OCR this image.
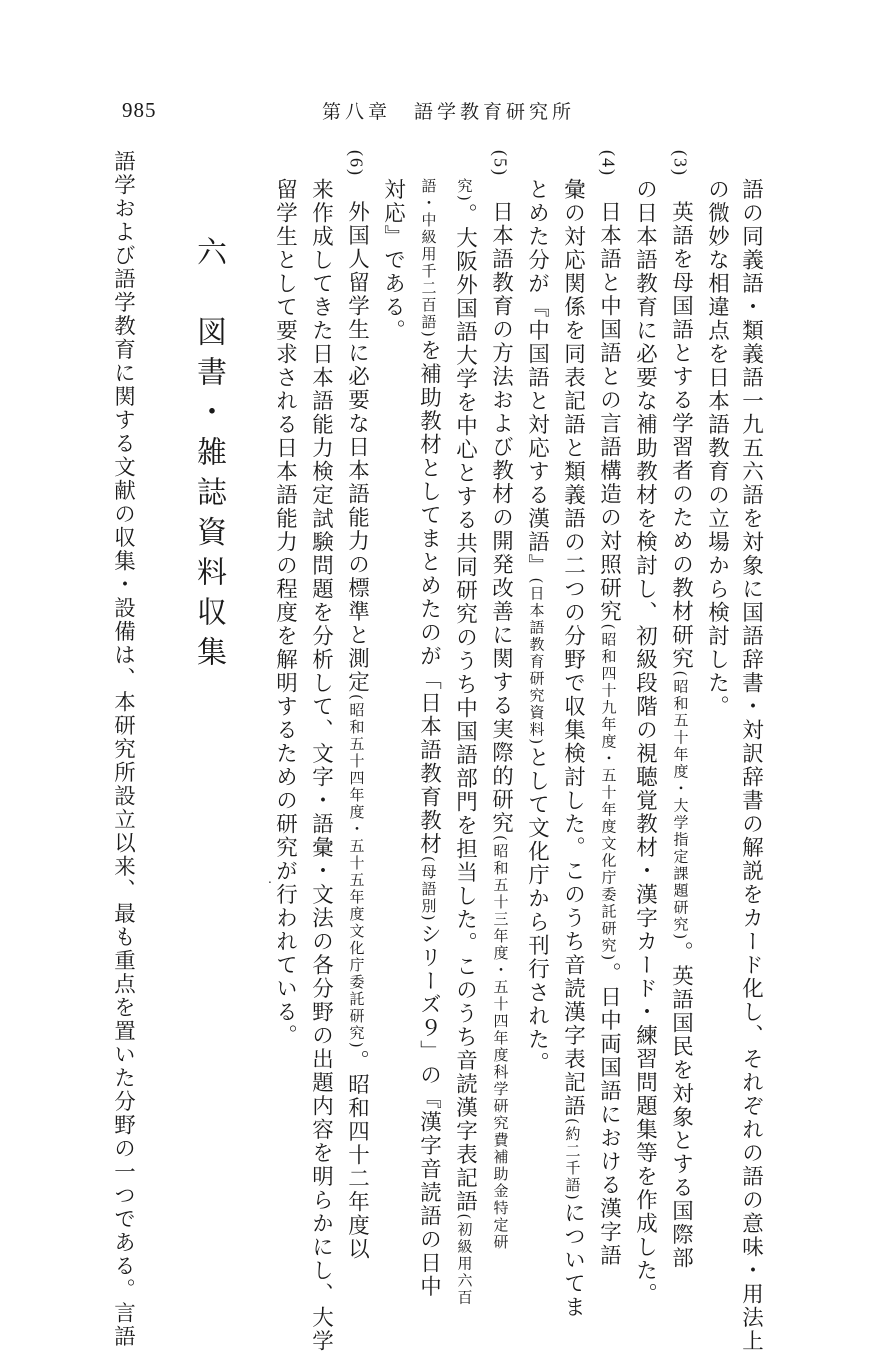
985	第八章　語学教育研究所
語の同義語・類義語一九五六語を対象に国語辞書・対訳辞書の解説をカード化し、それぞれの語の意味・用法上
の微妙な相違点を日本語教育の立場から検討した。
(3)　英語を母国語とする学習者のための教材研究(昭和五十年度・大学指定課題研究)。英語国民を対象とする国際部
の日本語教育に必要な補助教材を検討し、初級段階の視聴覚教材・漢字カード・練習問題集等を作成した。
(4)　日本語と中国語との言語構造の対照研究(昭和四十九年度・五十年度文化庁委託研究)。日中両国語における漢字語
彙の対応関係を同表記語と類義語の二つの分野で収集検討した。このうち音読漢字表記語(約二千語)についてま
とめた分が『中国語と対応する漢語』(日本語教育研究資料)として文化庁から刊行された。
(5)　日本語教育の方法および教材の開発改善に関する実際的研究(昭和五十三年度・五十四年度科学研究費補助金特定研
究)。大阪外国語大学を中心とする共同研究のうち中国語部門を担当した。このうち音読漢字表記語(初級用六百
語・中級用千二百語)を補助教材としてまとめたのが「日本語教育教材(母語別)シリーズ９」の『漢字音読語の日中
対応』である。
(6)　外国人留学生に必要な日本語能力の標準と測定(昭和五十四年度・五十五年度文化庁委託研究)。昭和四十二年度以
来作成してきた日本語能力検定試験問題を分析して、文字・語彙・文法の各分野の出題内容を明らかにし、大学
留学生として要求される日本語能力の程度を解明するための研究が行われている。
語学および語学教育に関する文献の収集・設備は、本研究所設立以来、最も重点を置いた分野の一つである。言語 六　図書・雑誌資料収集
.
